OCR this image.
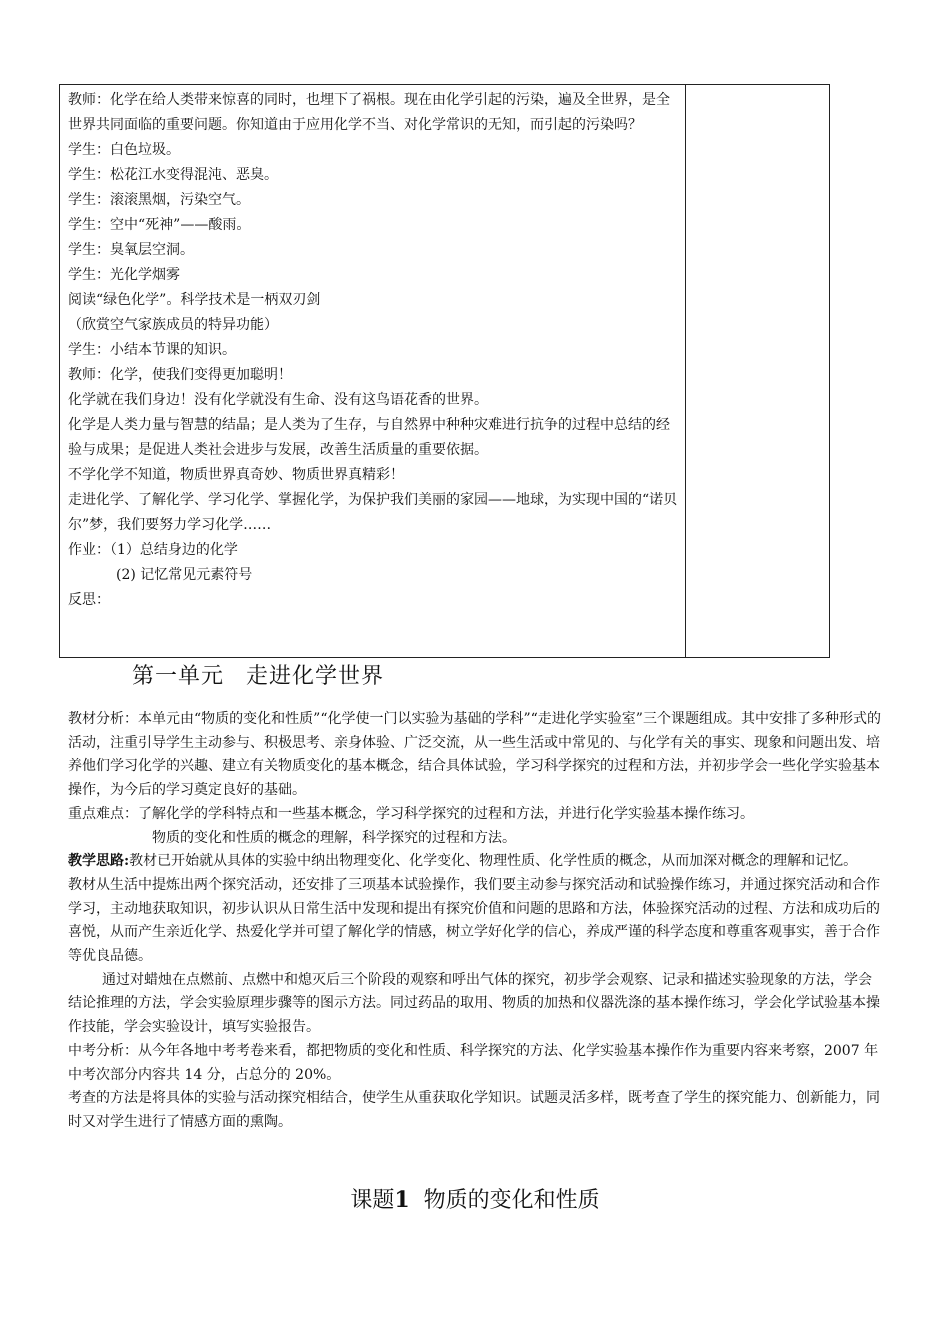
教师：化学在给人类带来惊喜的同时，也埋下了祸根。现在由化学引起的污染，遍及全世界，是全世界共同面临的重要问题。你知道由于应用化学不当、对化学常识的无知，而引起的污染吗？

学生：白色垃圾。

学生：松花江水变得混沌、恶臭。

学生：滚滚黑烟，污染空气。

学生：空中“死神”——酸雨。

学生：臭氧层空洞。

学生：光化学烟雾

阅读“绿色化学”。科学技术是一柄双刃剑

（欣赏空气家族成员的特异功能）

学生：小结本节课的知识。

教师：化学，使我们变得更加聪明！

化学就在我们身边！没有化学就没有生命、没有这鸟语花香的世界。

化学是人类力量与智慧的结晶；是人类为了生存，与自然界中种种灾难进行抗争的过程中总结的经验与成果；是促进人类社会进步与发展，改善生活质量的重要依据。

不学化学不知道，物质世界真奇妙、物质世界真精彩！

走进化学、了解化学、学习化学、掌握化学，为保护我们美丽的家园——地球，为实现中国的“诺贝尔”梦，我们要努力学习化学……

作业：（1）总结身边的化学

(2) 记忆常见元素符号

反思：

第一单元 走进化学世界

教材分析：本单元由“物质的变化和性质”“化学使一门以实验为基础的学科”“走进化学实验室”三个课题组成。其中安排了多种形式的活动，注重引导学生主动参与、积极思考、亲身体验、广泛交流，从一些生活或中常见的、与化学有关的事实、现象和问题出发、培养他们学习化学的兴趣、建立有关物质变化的基本概念，结合具体试验，学习科学探究的过程和方法，并初步学会一些化学实验基本操作，为今后的学习奠定良好的基础。

重点难点：了解化学的学科特点和一些基本概念，学习科学探究的过程和方法，并进行化学实验基本操作练习。

物质的变化和性质的概念的理解，科学探究的过程和方法。

教学思路:教材已开始就从具体的实验中纳出物理变化、化学变化、物理性质、化学性质的概念，从而加深对概念的理解和记忆。

教材从生活中提炼出两个探究活动，还安排了三项基本试验操作，我们要主动参与探究活动和试验操作练习，并通过探究活动和合作学习，主动地获取知识，初步认识从日常生活中发现和提出有探究价值和问题的思路和方法，体验探究活动的过程、方法和成功后的喜悦，从而产生亲近化学、热爱化学并可望了解化学的情感，树立学好化学的信心，养成严谨的科学态度和尊重客观事实，善于合作等优良品德。

通过对蜡烛在点燃前、点燃中和熄灭后三个阶段的观察和呼出气体的探究，初步学会观察、记录和描述实验现象的方法，学会结论推理的方法，学会实验原理步骤等的图示方法。同过药品的取用、物质的加热和仪器洗涤的基本操作练习，学会化学试验基本操作技能，学会实验设计，填写实验报告。

中考分析：从今年各地中考考卷来看，都把物质的变化和性质、科学探究的方法、化学实验基本操作作为重要内容来考察，2007 年中考次部分内容共 14 分，占总分的 20%。

考查的方法是将具体的实验与活动探究相结合，使学生从重获取化学知识。试题灵活多样，既考查了学生的探究能力、创新能力，同时又对学生进行了情感方面的熏陶。

课题1 物质的变化和性质
